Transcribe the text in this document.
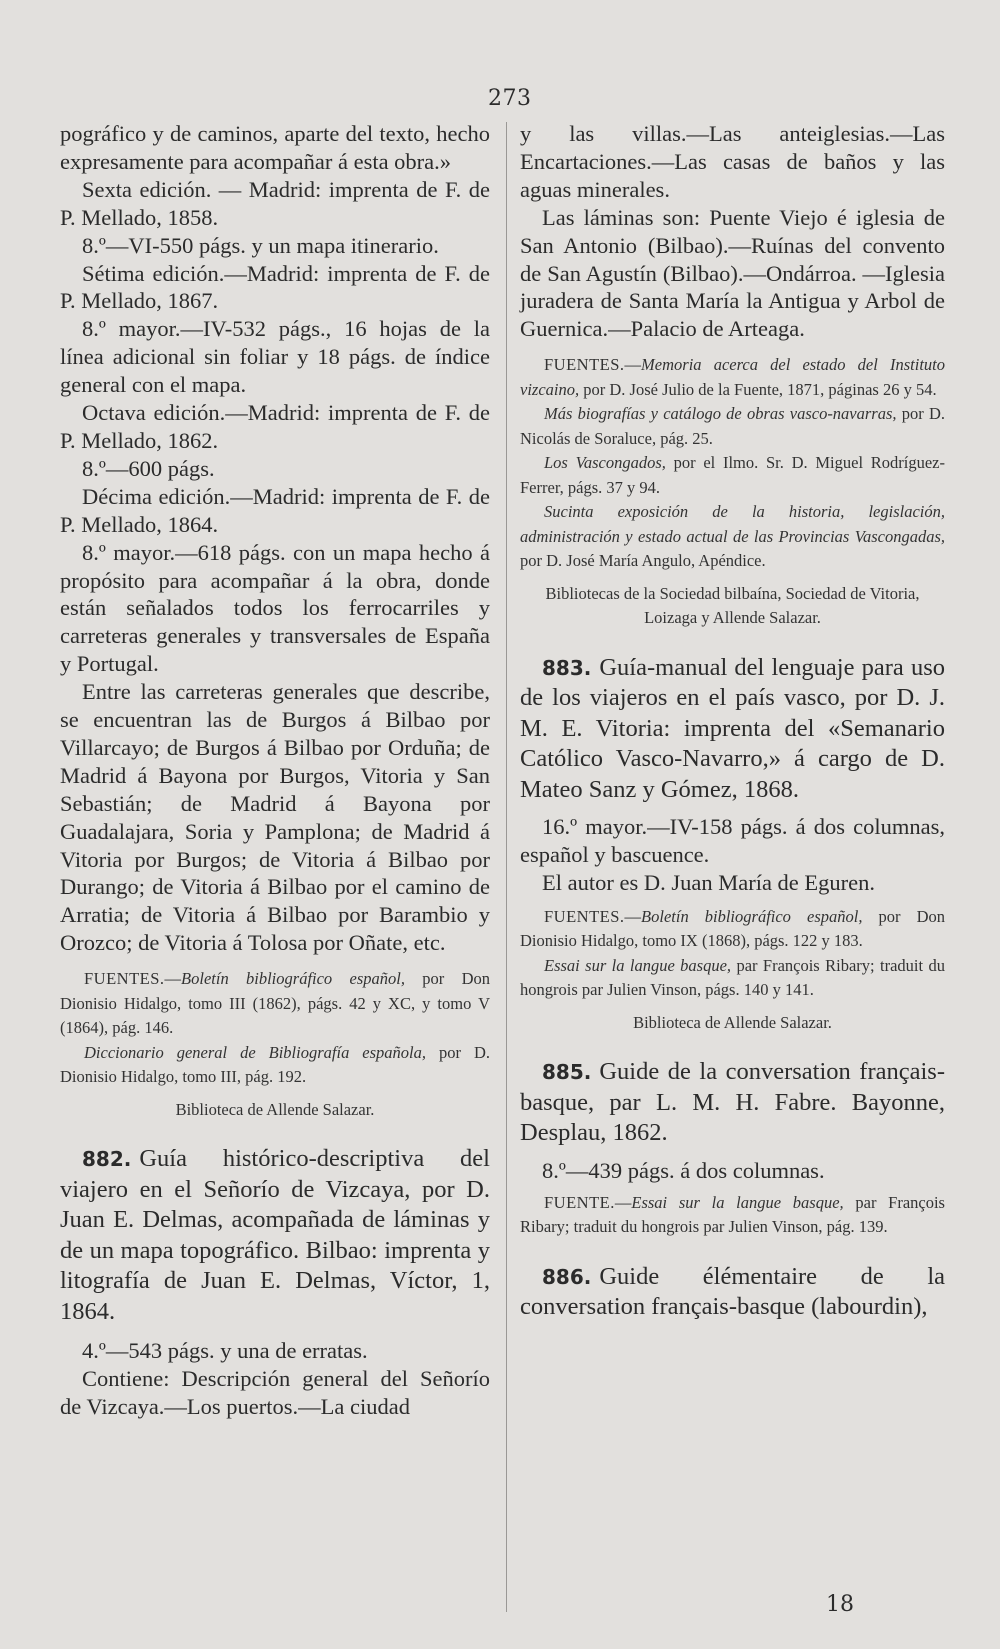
273

pográfico y de caminos, aparte del texto, hecho expresamente para acompañar á esta obra.»

Sexta edición. — Madrid: imprenta de F. de P. Mellado, 1858.

8.º—VI-550 págs. y un mapa itinerario.

Sétima edición.—Madrid: imprenta de F. de P. Mellado, 1867.

8.º mayor.—IV-532 págs., 16 hojas de la línea adicional sin foliar y 18 págs. de índice general con el mapa.

Octava edición.—Madrid: imprenta de F. de P. Mellado, 1862.

8.º—600 págs.

Décima edición.—Madrid: imprenta de F. de P. Mellado, 1864.

8.º mayor.—618 págs. con un mapa hecho á propósito para acompañar á la obra, donde están señalados todos los ferrocarriles y carreteras generales y transversales de España y Portugal.

Entre las carreteras generales que describe, se encuentran las de Burgos á Bilbao por Villarcayo; de Burgos á Bilbao por Orduña; de Madrid á Bayona por Burgos, Vitoria y San Sebastián; de Madrid á Bayona por Guadalajara, Soria y Pamplona; de Madrid á Vitoria por Burgos; de Vitoria á Bilbao por Durango; de Vitoria á Bilbao por el camino de Arratia; de Vitoria á Bilbao por Barambio y Orozco; de Vitoria á Tolosa por Oñate, etc.

FUENTES.—Boletín bibliográfico español, por Don Dionisio Hidalgo, tomo III (1862), págs. 42 y XC, y tomo V (1864), pág. 146.

Diccionario general de Bibliografía española, por D. Dionisio Hidalgo, tomo III, pág. 192.

Biblioteca de Allende Salazar.

882. Guía histórico-descriptiva del viajero en el Señorío de Vizcaya, por D. Juan E. Delmas, acompañada de láminas y de un mapa topográfico. Bilbao: imprenta y litografía de Juan E. Delmas, Víctor, 1, 1864.

4.º—543 págs. y una de erratas.

Contiene: Descripción general del Señorío de Vizcaya.—Los puertos.—La ciudad

y las villas.—Las anteiglesias.—Las Encartaciones.—Las casas de baños y las aguas minerales.

Las láminas son: Puente Viejo é iglesia de San Antonio (Bilbao).—Ruínas del convento de San Agustín (Bilbao).—Ondárroa. —Iglesia juradera de Santa María la Antigua y Arbol de Guernica.—Palacio de Arteaga.

FUENTES.—Memoria acerca del estado del Instituto vizcaino, por D. José Julio de la Fuente, 1871, páginas 26 y 54.

Más biografías y catálogo de obras vasco-navarras, por D. Nicolás de Soraluce, pág. 25.

Los Vascongados, por el Ilmo. Sr. D. Miguel Rodríguez-Ferrer, págs. 37 y 94.

Sucinta exposición de la historia, legislación, administración y estado actual de las Provincias Vascongadas, por D. José María Angulo, Apéndice.

Bibliotecas de la Sociedad bilbaína, Sociedad de Vitoria, Loizaga y Allende Salazar.

883. Guía-manual del lenguaje para uso de los viajeros en el país vasco, por D. J. M. E. Vitoria: imprenta del «Semanario Católico Vasco-Navarro,» á cargo de D. Mateo Sanz y Gómez, 1868.

16.º mayor.—IV-158 págs. á dos columnas, español y bascuence.

El autor es D. Juan María de Eguren.

FUENTES.—Boletín bibliográfico español, por Don Dionisio Hidalgo, tomo IX (1868), págs. 122 y 183.

Essai sur la langue basque, par François Ribary; traduit du hongrois par Julien Vinson, págs. 140 y 141.

Biblioteca de Allende Salazar.

885. Guide de la conversation français-basque, par L. M. H. Fabre. Bayonne, Desplau, 1862.

8.º—439 págs. á dos columnas.

FUENTE.—Essai sur la langue basque, par François Ribary; traduit du hongrois par Julien Vinson, pág. 139.

886. Guide élémentaire de la conversation français-basque (labourdin),

18
